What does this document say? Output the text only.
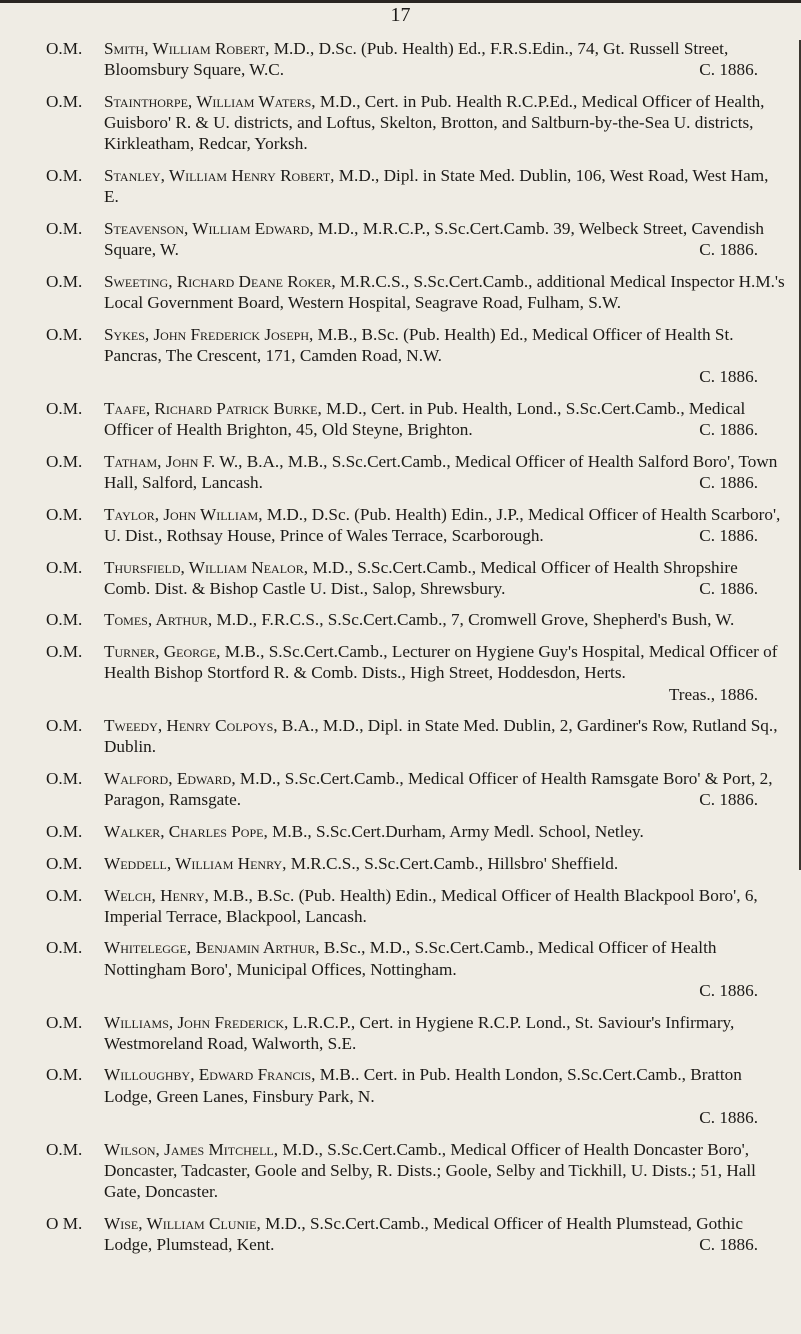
17
O.M. Smith, William Robert, M.D., D.Sc. (Pub. Health) Ed., F.R.S.Edin., 74, Gt. Russell Street, Bloomsbury Square, W.C.	C. 1886.
O.M. Stainthorpe, William Waters, M.D., Cert. in Pub. Health R.C.P.Ed., Medical Officer of Health, Guisboro' R. & U. districts, and Loftus, Skelton, Brotton, and Saltburn-by-the-Sea U. districts, Kirkleatham, Redcar, Yorksh.
O.M. Stanley, William Henry Robert, M.D., Dipl. in State Med. Dublin, 106, West Road, West Ham, E.
O.M. Steavenson, William Edward, M.D., M.R.C.P., S.Sc.Cert.Camb. 39, Welbeck Street, Cavendish Square, W.	C. 1886.
O.M. Sweeting, Richard Deane Roker, M.R.C.S., S.Sc.Cert.Camb., additional Medical Inspector H.M.'s Local Government Board, Western Hospital, Seagrave Road, Fulham, S.W.
O.M. Sykes, John Frederick Joseph, M.B., B.Sc. (Pub. Health) Ed., Medical Officer of Health St. Pancras, The Crescent, 171, Camden Road, N.W.
C. 1886.
O.M. Taafe, Richard Patrick Burke, M.D., Cert. in Pub. Health, Lond., S.Sc.Cert.Camb., Medical Officer of Health Brighton, 45, Old Steyne, Brighton.	C. 1886.
O.M. Tatham, John F. W., B.A., M.B., S.Sc.Cert.Camb., Medical Officer of Health Salford Boro', Town Hall, Salford, Lancash.	C. 1886.
O.M. Taylor, John William, M.D., D.Sc. (Pub. Health) Edin., J.P., Medical Officer of Health Scarboro', U. Dist., Rothsay House, Prince of Wales Terrace, Scarborough.	C. 1886.
O.M. Thursfield, William Nealor, M.D., S.Sc.Cert.Camb., Medical Officer of Health Shropshire Comb. Dist. & Bishop Castle U. Dist., Salop, Shrewsbury.	C. 1886.
O.M. Tomes, Arthur, M.D., F.R.C.S., S.Sc.Cert.Camb., 7, Cromwell Grove, Shepherd's Bush, W.
O.M. Turner, George, M.B., S.Sc.Cert.Camb., Lecturer on Hygiene Guy's Hospital, Medical Officer of Health Bishop Stortford R. & Comb. Dists., High Street, Hoddesdon, Herts.
Treas., 1886.
O.M. Tweedy, Henry Colpoys, B.A., M.D., Dipl. in State Med. Dublin, 2, Gardiner's Row, Rutland Sq., Dublin.
O.M. Walford, Edward, M.D., S.Sc.Cert.Camb., Medical Officer of Health Ramsgate Boro' & Port, 2, Paragon, Ramsgate.	C. 1886.
O.M. Walker, Charles Pope, M.B., S.Sc.Cert.Durham, Army Medl. School, Netley.
O.M. Weddell, William Henry, M.R.C.S., S.Sc.Cert.Camb., Hillsbro' Sheffield.
O.M. Welch, Henry, M.B., B.Sc. (Pub. Health) Edin., Medical Officer of Health Blackpool Boro', 6, Imperial Terrace, Blackpool, Lancash.
O.M. Whitelegge, Benjamin Arthur, B.Sc., M.D., S.Sc.Cert.Camb., Medical Officer of Health Nottingham Boro', Municipal Offices, Nottingham.
C. 1886.
O.M. Williams, John Frederick, L.R.C.P., Cert. in Hygiene R.C.P. Lond., St. Saviour's Infirmary, Westmoreland Road, Walworth, S.E.
O.M. Willoughby, Edward Francis, M.B.. Cert. in Pub. Health London, S.Sc.Cert.Camb., Bratton Lodge, Green Lanes, Finsbury Park, N.
C. 1886.
O.M. Wilson, James Mitchell, M.D., S.Sc.Cert.Camb., Medical Officer of Health Doncaster Boro', Doncaster, Tadcaster, Goole and Selby, R. Dists.; Goole, Selby and Tickhill, U. Dists.; 51, Hall Gate, Doncaster.
O M. Wise, William Clunie, M.D., S.Sc.Cert.Camb., Medical Officer of Health Plumstead, Gothic Lodge, Plumstead, Kent.	C. 1886.
